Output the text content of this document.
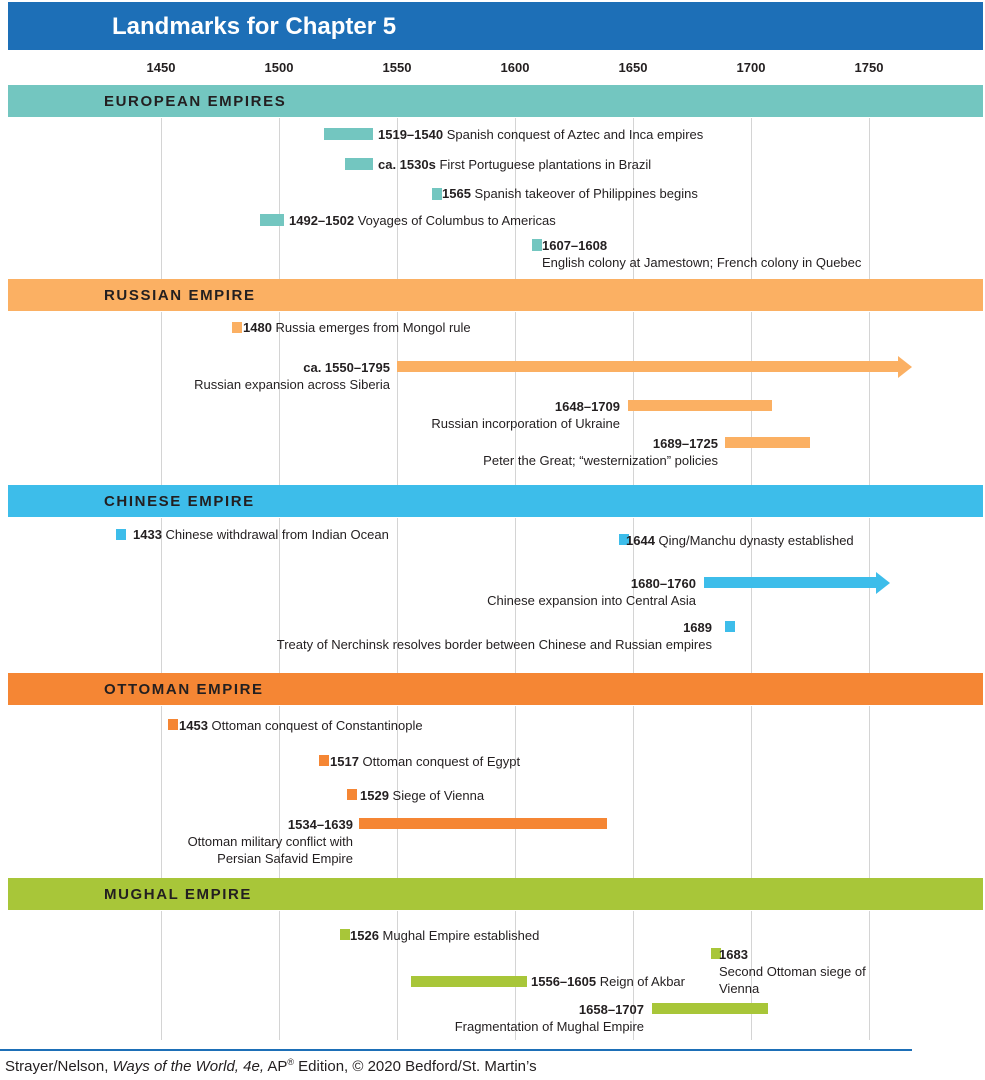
Landmarks for Chapter 5
Strayer/Nelson, Ways of the World, 4e, AP® Edition, © 2020 Bedford/St. Martin’s
1450	1500	1550	1600	1650	1700	1750
EUROPEAN EMPIRES
1519–1540 Spanish conquest of Aztec and Inca empires
ca. 1530s First Portuguese plantations in Brazil
1565 Spanish takeover of Philippines begins
1492–1502 Voyages of Columbus to Americas
1607–1608
English colony at Jamestown; French colony in Quebec
RUSSIAN EMPIRE
1480 Russia emerges from Mongol rule
ca. 1550–1795
Russian expansion across Siberia
1648–1709
Russian incorporation of Ukraine
1689–1725
Peter the Great; “westernization” policies
CHINESE EMPIRE
1433 Chinese withdrawal from Indian Ocean	1644 Qing/Manchu dynasty established
1680–1760
Chinese expansion into Central Asia
1689
Treaty of Nerchinsk resolves border between Chinese and Russian empires
OTTOMAN EMPIRE
1453 Ottoman conquest of Constantinople
1517 Ottoman conquest of Egypt
1529 Siege of Vienna
1534–1639
Ottoman military conflict with Persian Safavid Empire
MUGHAL EMPIRE
1526 Mughal Empire established
1683
Second Ottoman siege of Vienna
1556–1605 Reign of Akbar
1658–1707
Fragmentation of Mughal Empire
